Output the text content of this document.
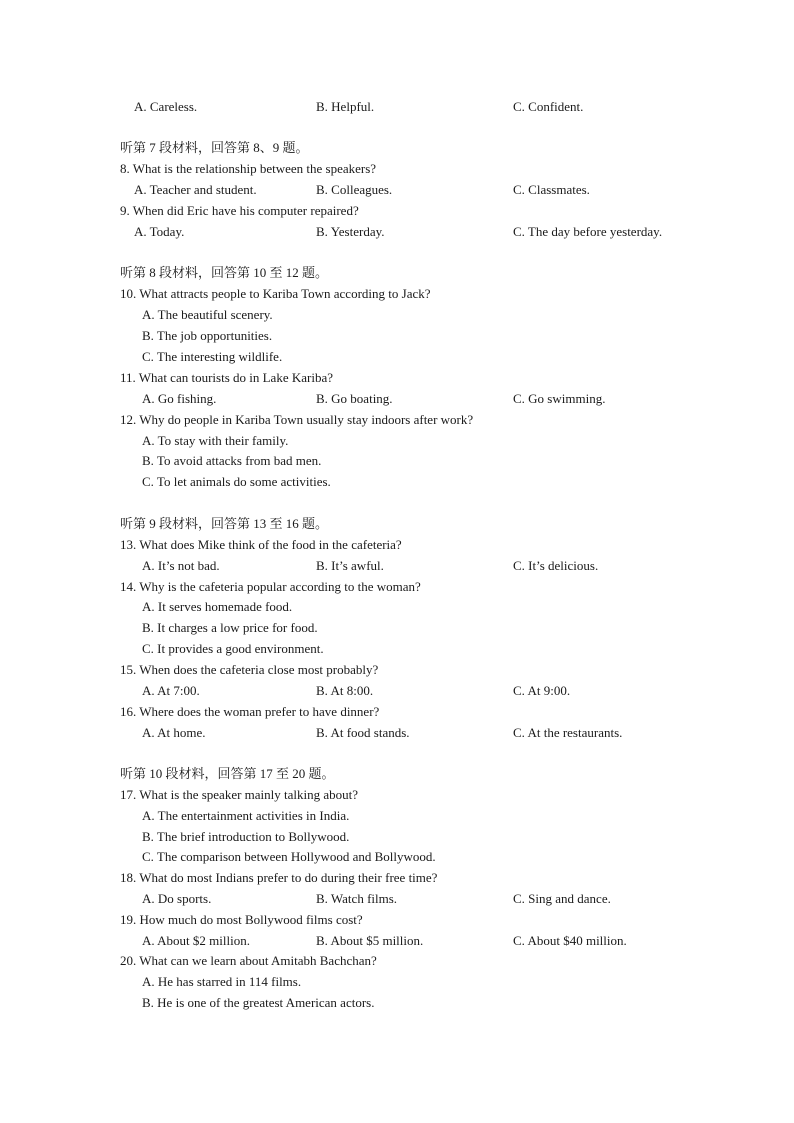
A. Careless.	B. Helpful.	C. Confident.
听第 7 段材料，回答第 8、9 题。
8. What is the relationship between the speakers?
A. Teacher and student.	B. Colleagues.	C. Classmates.
9. When did Eric have his computer repaired?
A. Today.	B. Yesterday.	C. The day before yesterday.
听第 8 段材料，回答第 10 至 12 题。
10. What attracts people to Kariba Town according to Jack?
A. The beautiful scenery.
B. The job opportunities.
C. The interesting wildlife.
11. What can tourists do in Lake Kariba?
A. Go fishing.	B. Go boating.	C. Go swimming.
12. Why do people in Kariba Town usually stay indoors after work?
A. To stay with their family.
B. To avoid attacks from bad men.
C. To let animals do some activities.
听第 9 段材料，回答第 13 至 16 题。
13. What does Mike think of the food in the cafeteria?
A. It’s not bad.	B. It’s awful.	C. It’s delicious.
14. Why is the cafeteria popular according to the woman?
A. It serves homemade food.
B. It charges a low price for food.
C. It provides a good environment.
15. When does the cafeteria close most probably?
A. At 7:00.	B. At 8:00.	C. At 9:00.
16. Where does the woman prefer to have dinner?
A. At home.	B. At food stands.	C. At the restaurants.
听第 10 段材料，回答第 17 至 20 题。
17. What is the speaker mainly talking about?
A. The entertainment activities in India.
B. The brief introduction to Bollywood.
C. The comparison between Hollywood and Bollywood.
18. What do most Indians prefer to do during their free time?
A. Do sports.	B. Watch films.	C. Sing and dance.
19. How much do most Bollywood films cost?
A. About $2 million.	B. About $5 million.	C. About $40 million.
20. What can we learn about Amitabh Bachchan?
A. He has starred in 114 films.
B. He is one of the greatest American actors.
